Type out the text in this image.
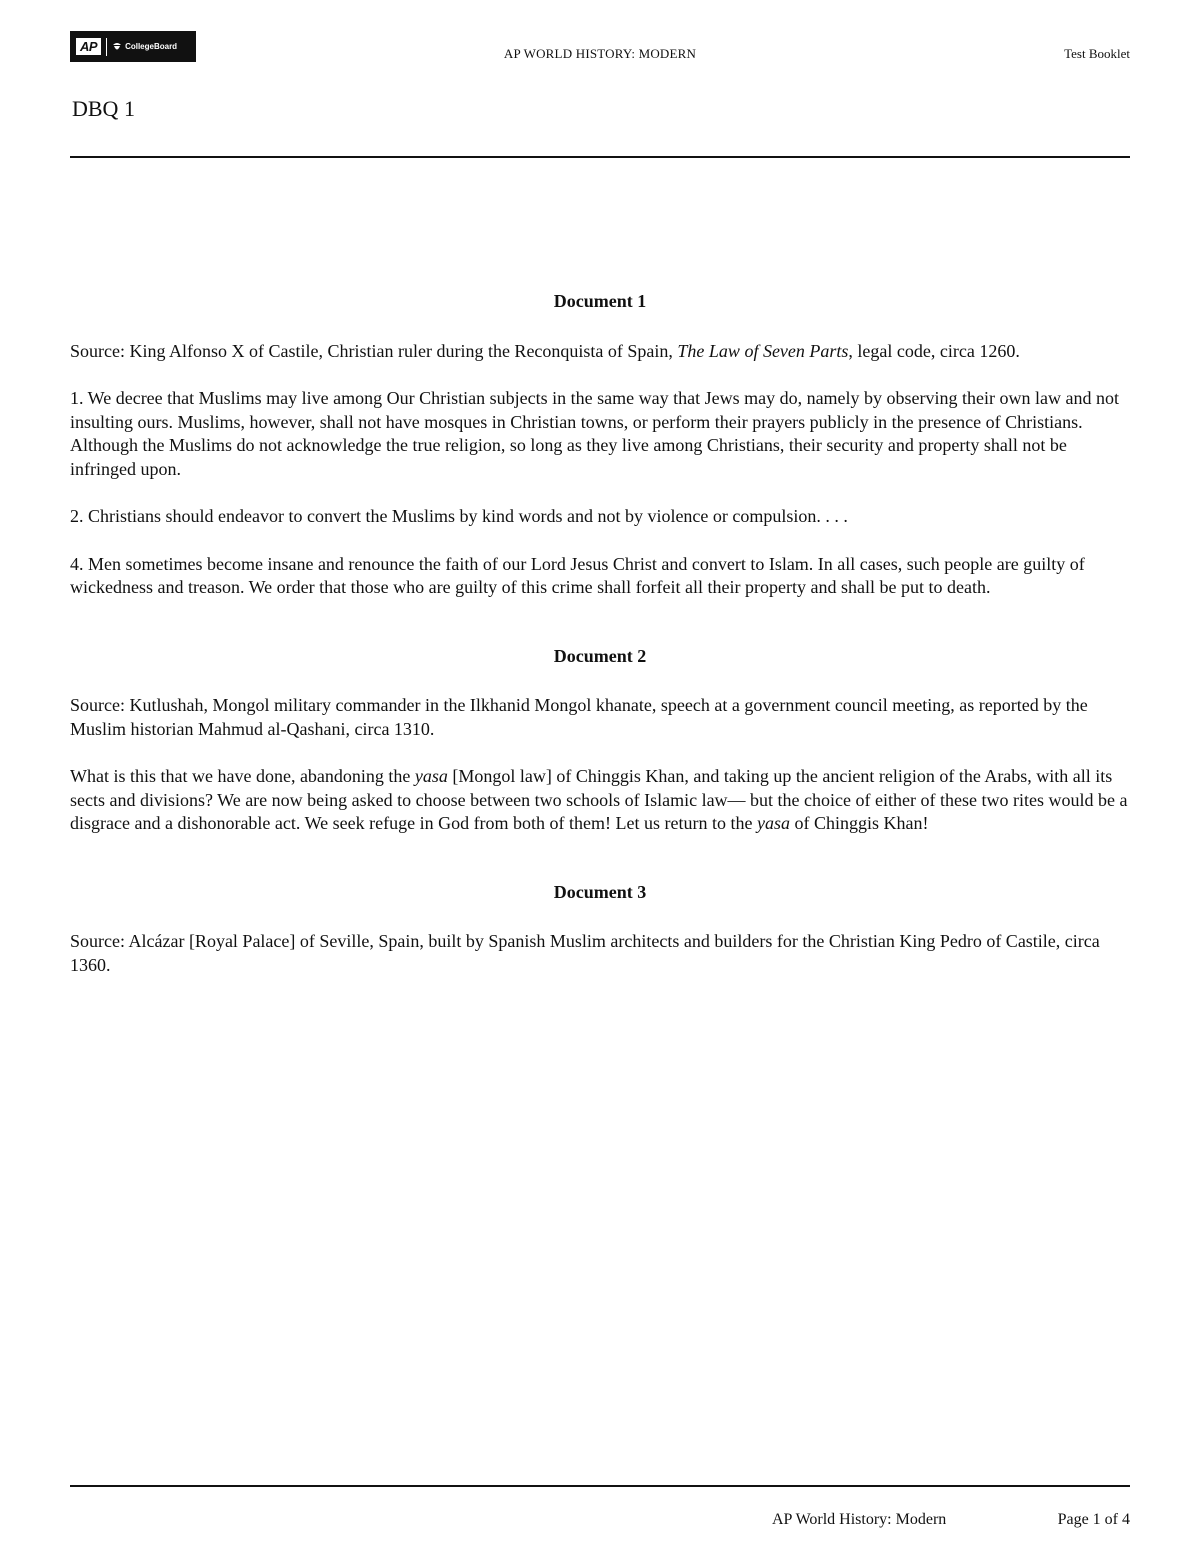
AP	CollegeBoard	AP WORLD HISTORY: MODERN	Test Booklet
DBQ 1
Document 1

Source: King Alfonso X of Castile, Christian ruler during the Reconquista of Spain, The Law of Seven Parts, legal code, circa 1260.

1. We decree that Muslims may live among Our Christian subjects in the same way that Jews may do, namely by observing their own law and not insulting ours. Muslims, however, shall not have mosques in Christian towns, or perform their prayers publicly in the presence of Christians. Although the Muslims do not acknowledge the true religion, so long as they live among Christians, their security and property shall not be infringed upon.

2. Christians should endeavor to convert the Muslims by kind words and not by violence or compulsion. . . .

4. Men sometimes become insane and renounce the faith of our Lord Jesus Christ and convert to Islam. In all cases, such people are guilty of wickedness and treason. We order that those who are guilty of this crime shall forfeit all their property and shall be put to death.

Document 2

Source: Kutlushah, Mongol military commander in the Ilkhanid Mongol khanate, speech at a government council meeting, as reported by the Muslim historian Mahmud al-Qashani, circa 1310.

What is this that we have done, abandoning the yasa [Mongol law] of Chinggis Khan, and taking up the ancient religion of the Arabs, with all its sects and divisions? We are now being asked to choose between two schools of Islamic law— but the choice of either of these two rites would be a disgrace and a dishonorable act. We seek refuge in God from both of them! Let us return to the yasa of Chinggis Khan!

Document 3

Source: Alcázar [Royal Palace] of Seville, Spain, built by Spanish Muslim architects and builders for the Christian King Pedro of Castile, circa 1360.

AP World History: Modern	Page 1 of 4
